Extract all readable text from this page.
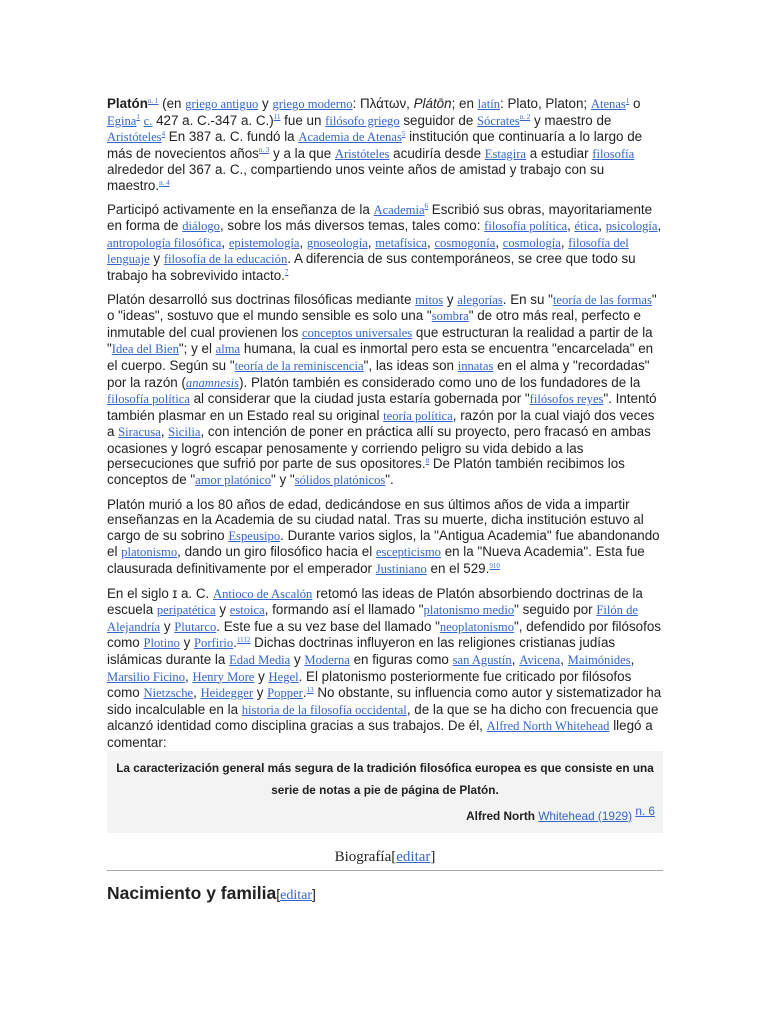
Platón$^{n. 1}$ (en griego antiguo y griego moderno: Πλάτων, Plátōn; en latín: Plato, Platon; Atenas$^1$ o Egina$^1$ c. 427 a. C.-347 a. C.)$^{11}$ fue un filósofo griego seguidor de Sócrates$^{n. 2}$ y maestro de Aristóteles$^4$ En 387 a. C. fundó la Academia de Atenas$^5$ institución que continuaría a lo largo de más de novecientos años$^{n. 3}$ y a la que Aristóteles acudiría desde Estagira a estudiar filosofía alrededor del 367 a. C., compartiendo unos veinte años de amistad y trabajo con su maestro.$^{n. 4}$

Participó activamente en la enseñanza de la Academia$^6$ Escribió sus obras, mayoritariamente en forma de diálogo, sobre los más diversos temas, tales como: filosofía política, ética, psicología, antropología filosófica, epistemología, gnoseología, metafísica, cosmogonía, cosmología, filosofía del lenguaje y filosofía de la educación. A diferencia de sus contemporáneos, se cree que todo su trabajo ha sobrevivido intacto.$^7$

Platón desarrolló sus doctrinas filosóficas mediante mitos y alegorías. En su "teoría de las formas" o "ideas", sostuvo que el mundo sensible es solo una "sombra" de otro más real, perfecto e inmutable del cual provienen los conceptos universales que estructuran la realidad a partir de la "Idea del Bien"; y el alma humana, la cual es inmortal pero esta se encuentra "encarcelada" en el cuerpo. Según su "teoría de la reminiscencia", las ideas son innatas en el alma y "recordadas" por la razón (anamnesis). Platón también es considerado como uno de los fundadores de la filosofía política al considerar que la ciudad justa estaría gobernada por "filósofos reyes". Intentó también plasmar en un Estado real su original teoría política, razón por la cual viajó dos veces a Siracusa, Sicilia, con intención de poner en práctica allí su proyecto, pero fracasó en ambas ocasiones y logró escapar penosamente y corriendo peligro su vida debido a las persecuciones que sufrió por parte de sus opositores.$^8$ De Platón también recibimos los conceptos de "amor platónico" y "sólidos platónicos".

Platón murió a los 80 años de edad, dedicándose en sus últimos años de vida a impartir enseñanzas en la Academia de su ciudad natal. Tras su muerte, dicha institución estuvo al cargo de su sobrino Espeusipo. Durante varios siglos, la "Antigua Academia" fue abandonando el platonismo, dando un giro filosófico hacia el escepticismo en la "Nueva Academia". Esta fue clausurada definitivamente por el emperador Justiniano en el 529.$^{910}$

En el siglo ɪ a. C. Antioco de Ascalón retomó las ideas de Platón absorbiendo doctrinas de la escuela peripatética y estoica, formando así el llamado "platonismo medio" seguido por Filón de Alejandría y Plutarco. Este fue a su vez base del llamado "neoplatonismo", defendido por filósofos como Plotino y Porfirio.$^{1112}$ Dichas doctrinas influyeron en las religiones cristianas judías islámicas durante la Edad Media y Moderna en figuras como san Agustín, Avicena, Maimónides, Marsilio Ficino, Henry More y Hegel. El platonismo posteriormente fue criticado por filósofos como Nietzsche, Heidegger y Popper.$^{13}$ No obstante, su influencia como autor y sistematizador ha sido incalculable en la historia de la filosofía occidental, de la que se ha dicho con frecuencia que alcanzó identidad como disciplina gracias a sus trabajos. De él, Alfred North Whitehead llegó a comentar:

La caracterización general más segura de la tradición filosófica europea es que consiste en una serie de notas a pie de página de Platón.
Alfred North Whitehead (1929) $^{n. 6}$
Biografía[editar]
Nacimiento y familia[editar]
